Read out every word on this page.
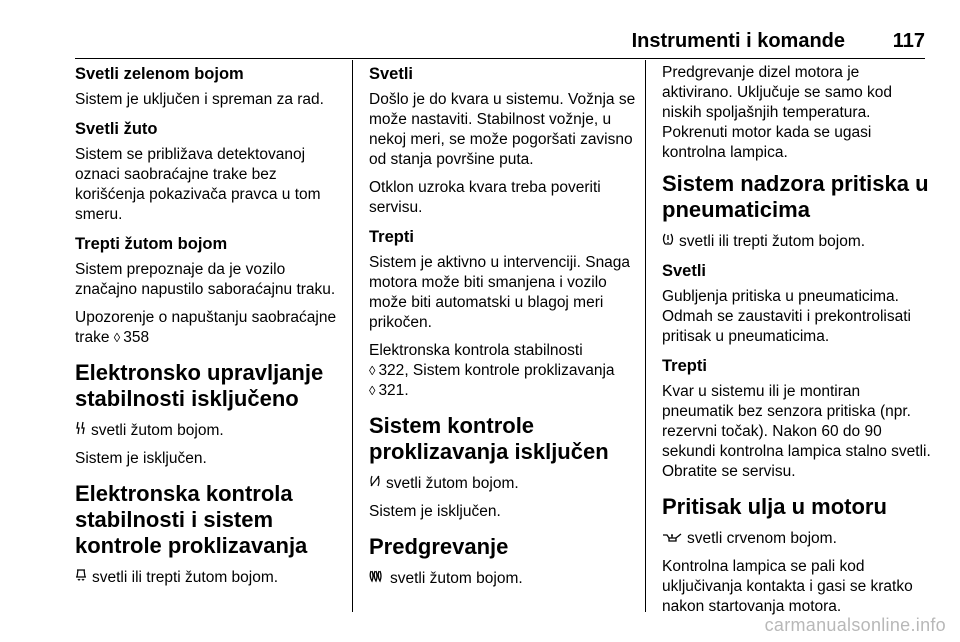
Instrumenti i komande 117

Svetli zelenom bojom

Sistem je uključen i spreman za rad.

Svetli žuto

Sistem se približava detektovanoj oznaci saobraćajne trake bez korišćenja pokazivača pravca u tom smeru.

Trepti žutom bojom

Sistem prepoznaje da je vozilo značajno napustilo saborаćajnu traku.

Upozorenje o napuštanju saobraćajne trake ◊ 358

Elektronsko upravljanje stabilnosti isključeno

svetli žutom bojom.

Sistem je isključen.

Elektronska kontrola stabilnosti i sistem kontrole proklizavanja

svetli ili trepti žutom bojom.

Svetli

Došlo je do kvara u sistemu. Vožnja se može nastaviti. Stabilnost vožnje, u nekoj meri, se može pogoršati zavisno od stanja površine puta.

Otklon uzroka kvara treba poveriti servisu.

Trepti

Sistem je aktivno u intervenciji. Snaga motora može biti smanjena i vozilo može biti automatski u blagoj meri prikočen.

Elektronska kontrola stabilnosti
◊ 322, Sistem kontrole proklizavanja
◊ 321.

Sistem kontrole proklizavanja isključen

svetli žutom bojom.

Sistem je isključen.

Predgrevanje

svetli žutom bojom.

Predgrevanje dizel motora je aktivirano. Uključuje se samo kod niskih spoljašnjih temperatura. Pokrenuti motor kada se ugasi kontrolna lampica.

Sistem nadzora pritiska u pneumaticima

svetli ili trepti žutom bojom.

Svetli

Gubljenja pritiska u pneumaticima. Odmah se zaustaviti i prekontrolisati pritisak u pneumaticima.

Trepti

Kvar u sistemu ili je montiran pneumatik bez senzora pritiska (npr. rezervni točak). Nakon 60 do 90 sekundi kontrolna lampica stalno svetli. Obratite se servisu.

Pritisak ulja u motoru

svetli crvenom bojom.

Kontrolna lampica se pali kod uključivanja kontakta i gasi se kratko nakon startovanja motora.

carmanualsonline.info
